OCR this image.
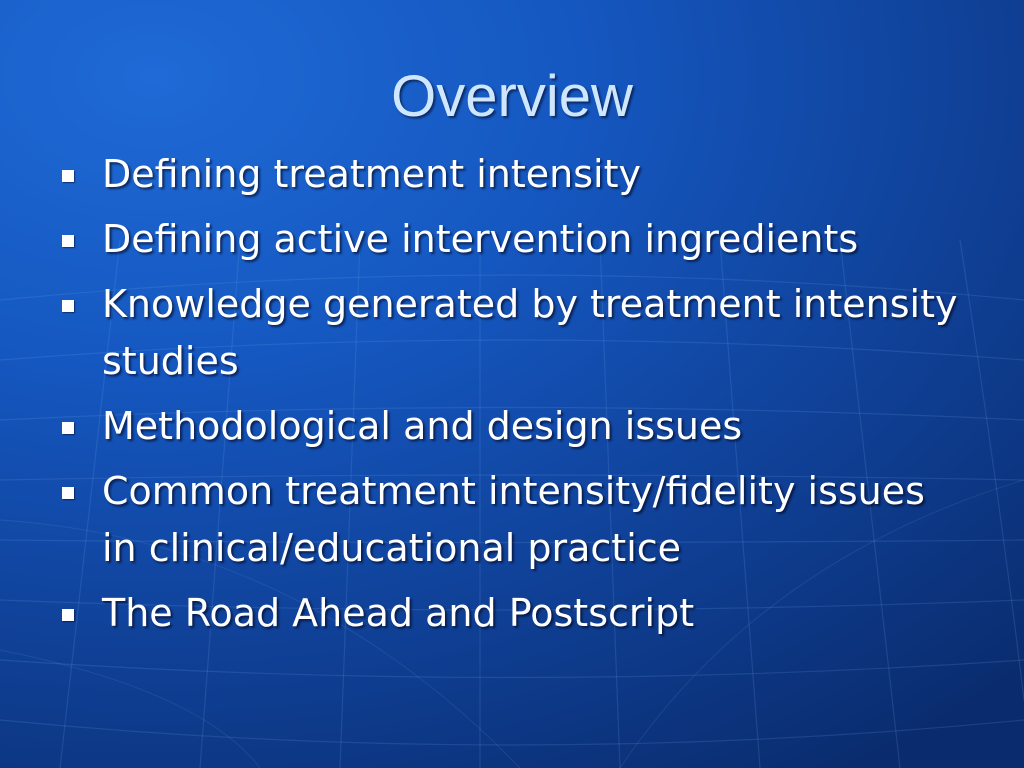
Overview
Defining treatment intensity
Defining active intervention ingredients
Knowledge generated by treatment intensity studies
Methodological and design issues
Common treatment intensity/fidelity issues in clinical/educational practice
The Road Ahead and Postscript
